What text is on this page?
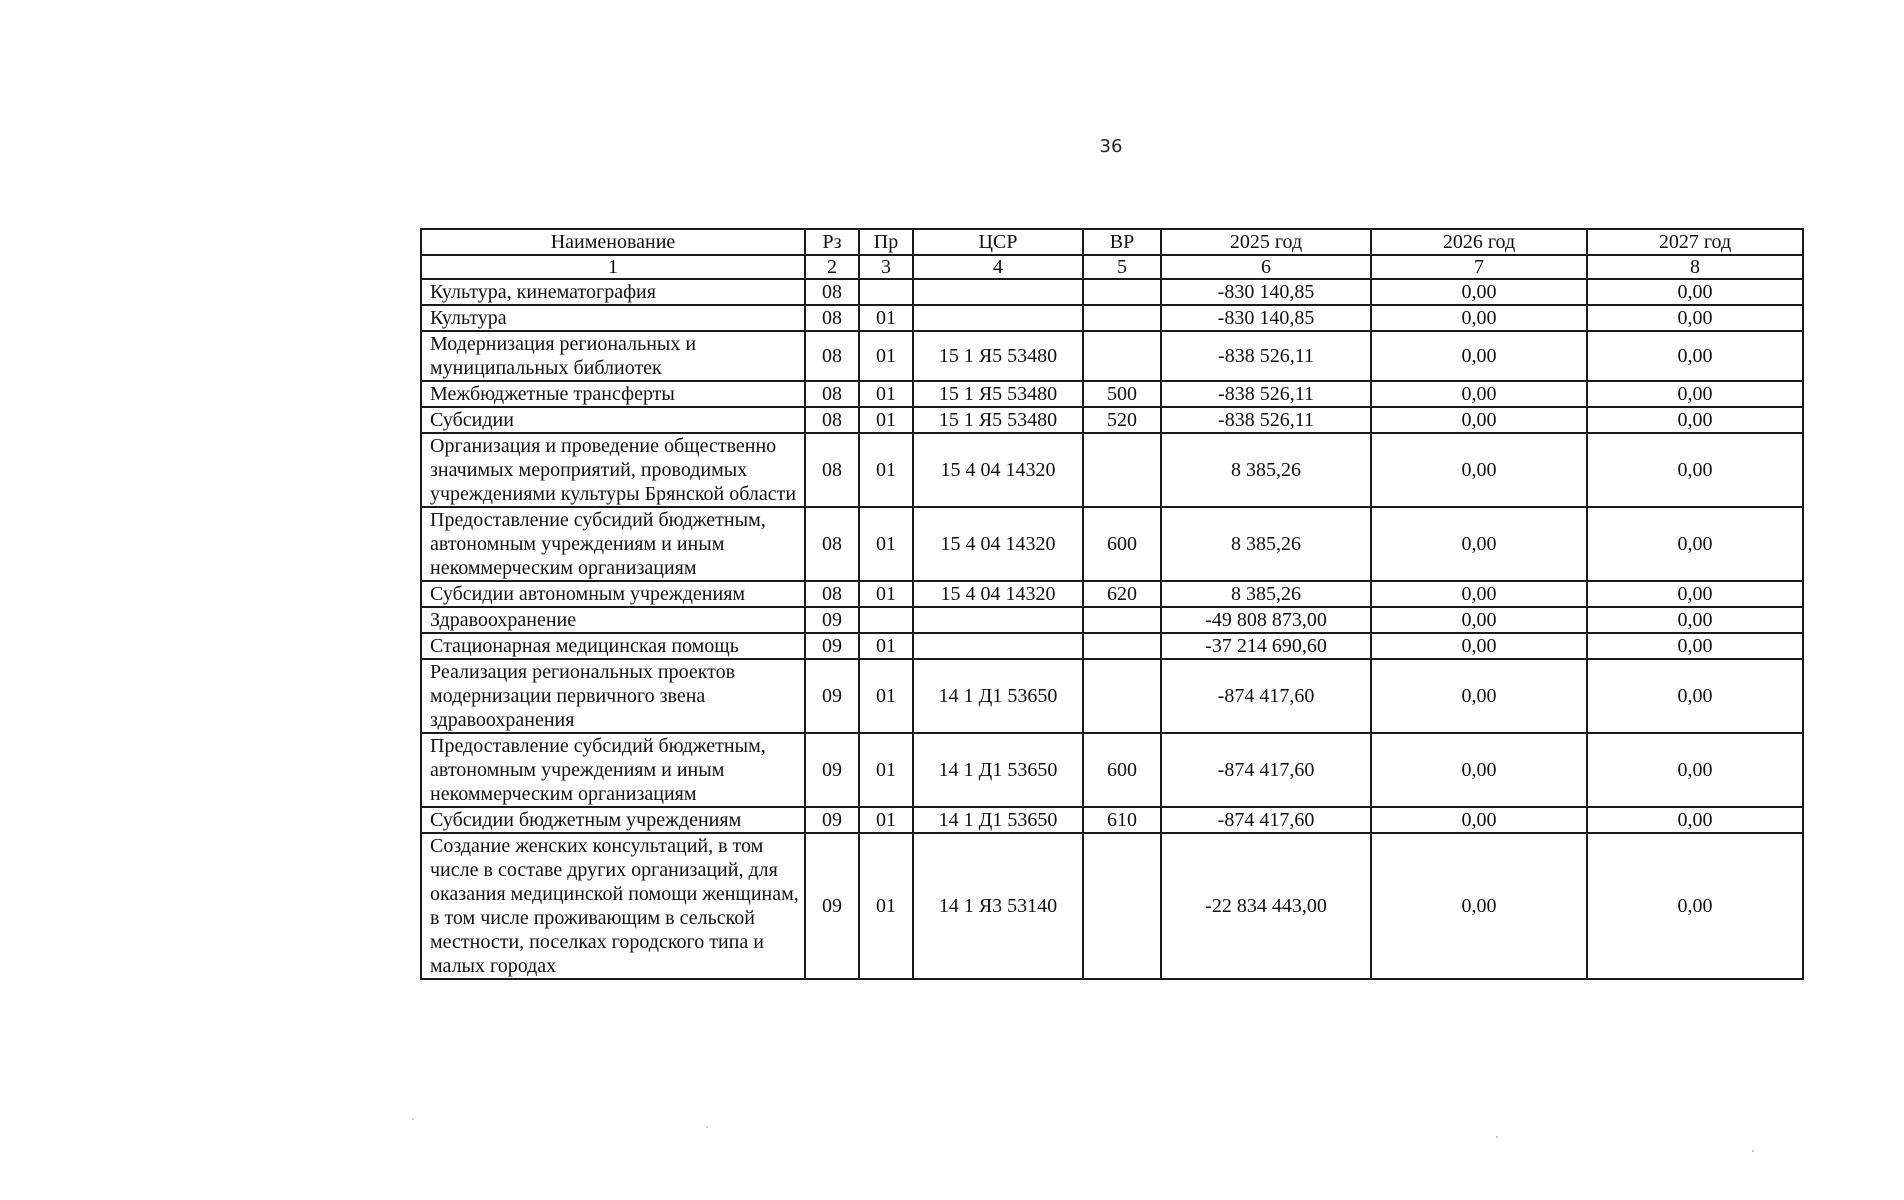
36
Наименование	Рз	Пр	ЦСР	ВР	2025 год	2026 год	2027 год
1	2	3	4	5	6	7	8
Культура, кинематография	08				-830 140,85	0,00	0,00
Культура	08	01			-830 140,85	0,00	0,00
Модернизация региональных и муниципальных библиотек	08	01	15 1 Я5 53480		-838 526,11	0,00	0,00
Межбюджетные трансферты	08	01	15 1 Я5 53480	500	-838 526,11	0,00	0,00
Субсидии	08	01	15 1 Я5 53480	520	-838 526,11	0,00	0,00
Организация и проведение общественно значимых мероприятий, проводимых учреждениями культуры Брянской области	08	01	15 4 04 14320		8 385,26	0,00	0,00
Предоставление субсидий бюджетным, автономным учреждениям и иным некоммерческим организациям	08	01	15 4 04 14320	600	8 385,26	0,00	0,00
Субсидии автономным учреждениям	08	01	15 4 04 14320	620	8 385,26	0,00	0,00
Здравоохранение	09				-49 808 873,00	0,00	0,00
Стационарная медицинская помощь	09	01			-37 214 690,60	0,00	0,00
Реализация региональных проектов модернизации первичного звена здравоохранения	09	01	14 1 Д1 53650		-874 417,60	0,00	0,00
Предоставление субсидий бюджетным, автономным учреждениям и иным некоммерческим организациям	09	01	14 1 Д1 53650	600	-874 417,60	0,00	0,00
Субсидии бюджетным учреждениям	09	01	14 1 Д1 53650	610	-874 417,60	0,00	0,00
Создание женских консультаций, в том числе в составе других организаций, для оказания медицинской помощи женщинам, в том числе проживающим в сельской местности, поселках городского типа и малых городах	09	01	14 1 Я3 53140		-22 834 443,00	0,00	0,00
